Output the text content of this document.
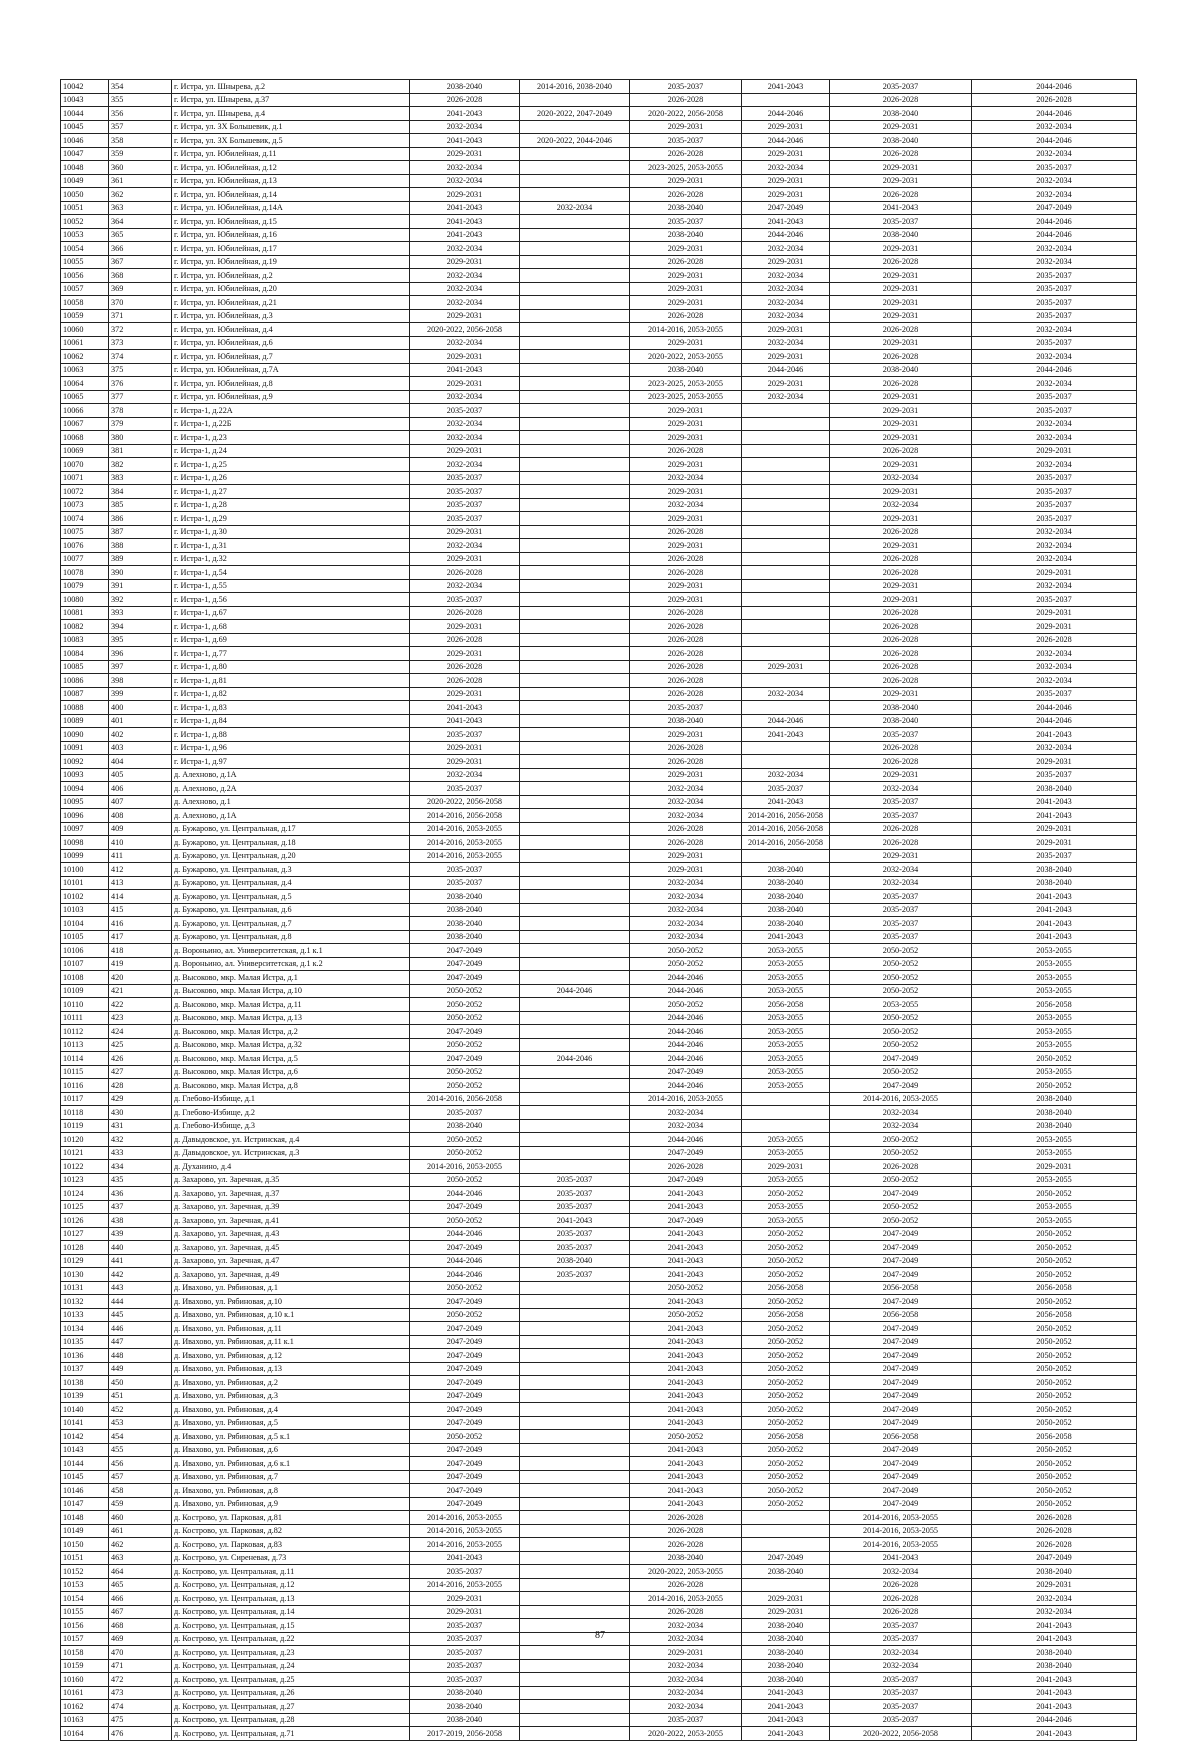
10042	354	г. Истра, ул. Шнырева, д.2	2038-2040	2014-2016, 2038-2040	2035-2037	2041-2043	2035-2037	2044-2046
10043	355	г. Истра, ул. Шнырева, д.37	2026-2028		2026-2028		2026-2028	2026-2028
10044	356	г. Истра, ул. Шнырева, д.4	2041-2043	2020-2022, 2047-2049	2020-2022, 2056-2058	2044-2046	2038-2040	2044-2046
10045	357	г. Истра, ул. ЗХ Большевик, д.1	2032-2034		2029-2031	2029-2031	2029-2031	2032-2034
10046	358	г. Истра, ул. ЗХ Большевик, д.5	2041-2043	2020-2022, 2044-2046	2035-2037	2044-2046	2038-2040	2044-2046
10047	359	г. Истра, ул. Юбилейная, д.11	2029-2031		2026-2028	2029-2031	2026-2028	2032-2034
10048	360	г. Истра, ул. Юбилейная, д.12	2032-2034		2023-2025, 2053-2055	2032-2034	2029-2031	2035-2037
10049	361	г. Истра, ул. Юбилейная, д.13	2032-2034		2029-2031	2029-2031	2029-2031	2032-2034
10050	362	г. Истра, ул. Юбилейная, д.14	2029-2031		2026-2028	2029-2031	2026-2028	2032-2034
10051	363	г. Истра, ул. Юбилейная, д.14А	2041-2043	2032-2034	2038-2040	2047-2049	2041-2043	2047-2049
10052	364	г. Истра, ул. Юбилейная, д.15	2041-2043		2035-2037	2041-2043	2035-2037	2044-2046
10053	365	г. Истра, ул. Юбилейная, д.16	2041-2043		2038-2040	2044-2046	2038-2040	2044-2046
10054	366	г. Истра, ул. Юбилейная, д.17	2032-2034		2029-2031	2032-2034	2029-2031	2032-2034
10055	367	г. Истра, ул. Юбилейная, д.19	2029-2031		2026-2028	2029-2031	2026-2028	2032-2034
10056	368	г. Истра, ул. Юбилейная, д.2	2032-2034		2029-2031	2032-2034	2029-2031	2035-2037
10057	369	г. Истра, ул. Юбилейная, д.20	2032-2034		2029-2031	2032-2034	2029-2031	2035-2037
10058	370	г. Истра, ул. Юбилейная, д.21	2032-2034		2029-2031	2032-2034	2029-2031	2035-2037
10059	371	г. Истра, ул. Юбилейная, д.3	2029-2031		2026-2028	2032-2034	2029-2031	2035-2037
10060	372	г. Истра, ул. Юбилейная, д.4	2020-2022, 2056-2058		2014-2016, 2053-2055	2029-2031	2026-2028	2032-2034
10061	373	г. Истра, ул. Юбилейная, д.6	2032-2034		2029-2031	2032-2034	2029-2031	2035-2037
10062	374	г. Истра, ул. Юбилейная, д.7	2029-2031		2020-2022, 2053-2055	2029-2031	2026-2028	2032-2034
10063	375	г. Истра, ул. Юбилейная, д.7А	2041-2043		2038-2040	2044-2046	2038-2040	2044-2046
10064	376	г. Истра, ул. Юбилейная, д.8	2029-2031		2023-2025, 2053-2055	2029-2031	2026-2028	2032-2034
10065	377	г. Истра, ул. Юбилейная, д.9	2032-2034		2023-2025, 2053-2055	2032-2034	2029-2031	2035-2037
10066	378	г. Истра-1, д.22А	2035-2037		2029-2031		2029-2031	2035-2037
10067	379	г. Истра-1, д.22Б	2032-2034		2029-2031		2029-2031	2032-2034
10068	380	г. Истра-1, д.23	2032-2034		2029-2031		2029-2031	2032-2034
10069	381	г. Истра-1, д.24	2029-2031		2026-2028		2026-2028	2029-2031
10070	382	г. Истра-1, д.25	2032-2034		2029-2031		2029-2031	2032-2034
10071	383	г. Истра-1, д.26	2035-2037		2032-2034		2032-2034	2035-2037
10072	384	г. Истра-1, д.27	2035-2037		2029-2031		2029-2031	2035-2037
10073	385	г. Истра-1, д.28	2035-2037		2032-2034		2032-2034	2035-2037
10074	386	г. Истра-1, д.29	2035-2037		2029-2031		2029-2031	2035-2037
10075	387	г. Истра-1, д.30	2029-2031		2026-2028		2026-2028	2032-2034
10076	388	г. Истра-1, д.31	2032-2034		2029-2031		2029-2031	2032-2034
10077	389	г. Истра-1, д.32	2029-2031		2026-2028		2026-2028	2032-2034
10078	390	г. Истра-1, д.54	2026-2028		2026-2028		2026-2028	2029-2031
10079	391	г. Истра-1, д.55	2032-2034		2029-2031		2029-2031	2032-2034
10080	392	г. Истра-1, д.56	2035-2037		2029-2031		2029-2031	2035-2037
10081	393	г. Истра-1, д.67	2026-2028		2026-2028		2026-2028	2029-2031
10082	394	г. Истра-1, д.68	2029-2031		2026-2028		2026-2028	2029-2031
10083	395	г. Истра-1, д.69	2026-2028		2026-2028		2026-2028	2026-2028
10084	396	г. Истра-1, д.77	2029-2031		2026-2028		2026-2028	2032-2034
10085	397	г. Истра-1, д.80	2026-2028		2026-2028	2029-2031	2026-2028	2032-2034
10086	398	г. Истра-1, д.81	2026-2028		2026-2028		2026-2028	2032-2034
10087	399	г. Истра-1, д.82	2029-2031		2026-2028	2032-2034	2029-2031	2035-2037
10088	400	г. Истра-1, д.83	2041-2043		2035-2037		2038-2040	2044-2046
10089	401	г. Истра-1, д.84	2041-2043		2038-2040	2044-2046	2038-2040	2044-2046
10090	402	г. Истра-1, д.88	2035-2037		2029-2031	2041-2043	2035-2037	2041-2043
10091	403	г. Истра-1, д.96	2029-2031		2026-2028		2026-2028	2032-2034
10092	404	г. Истра-1, д.97	2029-2031		2026-2028		2026-2028	2029-2031
10093	405	д. Алехново, д.1А	2032-2034		2029-2031	2032-2034	2029-2031	2035-2037
10094	406	д. Алехново, д.2А	2035-2037		2032-2034	2035-2037	2032-2034	2038-2040
10095	407	д. Алехново, д.1	2020-2022, 2056-2058		2032-2034	2041-2043	2035-2037	2041-2043
10096	408	д. Алехново, д.1А	2014-2016, 2056-2058		2032-2034	2014-2016, 2056-2058	2035-2037	2041-2043
10097	409	д. Бужарово, ул. Центральная, д.17	2014-2016, 2053-2055		2026-2028	2014-2016, 2056-2058	2026-2028	2029-2031
10098	410	д. Бужарово, ул. Центральная, д.18	2014-2016, 2053-2055		2026-2028	2014-2016, 2056-2058	2026-2028	2029-2031
10099	411	д. Бужарово, ул. Центральная, д.20	2014-2016, 2053-2055		2029-2031		2029-2031	2035-2037
10100	412	д. Бужарово, ул. Центральная, д.3	2035-2037		2029-2031	2038-2040	2032-2034	2038-2040
10101	413	д. Бужарово, ул. Центральная, д.4	2035-2037		2032-2034	2038-2040	2032-2034	2038-2040
10102	414	д. Бужарово, ул. Центральная, д.5	2038-2040		2032-2034	2038-2040	2035-2037	2041-2043
10103	415	д. Бужарово, ул. Центральная, д.6	2038-2040		2032-2034	2038-2040	2035-2037	2041-2043
10104	416	д. Бужарово, ул. Центральная, д.7	2038-2040		2032-2034	2038-2040	2035-2037	2041-2043
10105	417	д. Бужарово, ул. Центральная, д.8	2038-2040		2032-2034	2041-2043	2035-2037	2041-2043
10106	418	д. Вороньино, ал. Университетская, д.1 к.1	2047-2049		2050-2052	2053-2055	2050-2052	2053-2055
10107	419	д. Вороньино, ал. Университетская, д.1 к.2	2047-2049		2050-2052	2053-2055	2050-2052	2053-2055
10108	420	д. Высоково, мкр. Малая Истра, д.1	2047-2049		2044-2046	2053-2055	2050-2052	2053-2055
10109	421	д. Высоково, мкр. Малая Истра, д.10	2050-2052	2044-2046	2044-2046	2053-2055	2050-2052	2053-2055
10110	422	д. Высоково, мкр. Малая Истра, д.11	2050-2052		2050-2052	2056-2058	2053-2055	2056-2058
10111	423	д. Высоково, мкр. Малая Истра, д.13	2050-2052		2044-2046	2053-2055	2050-2052	2053-2055
10112	424	д. Высоково, мкр. Малая Истра, д.2	2047-2049		2044-2046	2053-2055	2050-2052	2053-2055
10113	425	д. Высоково, мкр. Малая Истра, д.32	2050-2052		2044-2046	2053-2055	2050-2052	2053-2055
10114	426	д. Высоково, мкр. Малая Истра, д.5	2047-2049	2044-2046	2044-2046	2053-2055	2047-2049	2050-2052
10115	427	д. Высоково, мкр. Малая Истра, д.6	2050-2052		2047-2049	2053-2055	2050-2052	2053-2055
10116	428	д. Высоково, мкр. Малая Истра, д.8	2050-2052		2044-2046	2053-2055	2047-2049	2050-2052
10117	429	д. Глебово-Избище, д.1	2014-2016, 2056-2058		2014-2016, 2053-2055		2014-2016, 2053-2055	2038-2040
10118	430	д. Глебово-Избище, д.2	2035-2037		2032-2034		2032-2034	2038-2040
10119	431	д. Глебово-Избище, д.3	2038-2040		2032-2034		2032-2034	2038-2040
10120	432	д. Давыдовское, ул. Истринская, д.4	2050-2052		2044-2046	2053-2055	2050-2052	2053-2055
10121	433	д. Давыдовское, ул. Истринская, д.3	2050-2052		2047-2049	2053-2055	2050-2052	2053-2055
10122	434	д. Духанино, д.4	2014-2016, 2053-2055		2026-2028	2029-2031	2026-2028	2029-2031
10123	435	д. Захарово, ул. Заречная, д.35	2050-2052	2035-2037	2047-2049	2053-2055	2050-2052	2053-2055
10124	436	д. Захарово, ул. Заречная, д.37	2044-2046	2035-2037	2041-2043	2050-2052	2047-2049	2050-2052
10125	437	д. Захарово, ул. Заречная, д.39	2047-2049	2035-2037	2041-2043	2053-2055	2050-2052	2053-2055
10126	438	д. Захарово, ул. Заречная, д.41	2050-2052	2041-2043	2047-2049	2053-2055	2050-2052	2053-2055
10127	439	д. Захарово, ул. Заречная, д.43	2044-2046	2035-2037	2041-2043	2050-2052	2047-2049	2050-2052
10128	440	д. Захарово, ул. Заречная, д.45	2047-2049	2035-2037	2041-2043	2050-2052	2047-2049	2050-2052
10129	441	д. Захарово, ул. Заречная, д.47	2044-2046	2038-2040	2041-2043	2050-2052	2047-2049	2050-2052
10130	442	д. Захарово, ул. Заречная, д.49	2044-2046	2035-2037	2041-2043	2050-2052	2047-2049	2050-2052
10131	443	д. Ивахово, ул. Рябиновая, д.1	2050-2052		2050-2052	2056-2058	2056-2058	2056-2058
10132	444	д. Ивахово, ул. Рябиновая, д.10	2047-2049		2041-2043	2050-2052	2047-2049	2050-2052
10133	445	д. Ивахово, ул. Рябиновая, д.10 к.1	2050-2052		2050-2052	2056-2058	2056-2058	2056-2058
10134	446	д. Ивахово, ул. Рябиновая, д.11	2047-2049		2041-2043	2050-2052	2047-2049	2050-2052
10135	447	д. Ивахово, ул. Рябиновая, д.11 к.1	2047-2049		2041-2043	2050-2052	2047-2049	2050-2052
10136	448	д. Ивахово, ул. Рябиновая, д.12	2047-2049		2041-2043	2050-2052	2047-2049	2050-2052
10137	449	д. Ивахово, ул. Рябиновая, д.13	2047-2049		2041-2043	2050-2052	2047-2049	2050-2052
10138	450	д. Ивахово, ул. Рябиновая, д.2	2047-2049		2041-2043	2050-2052	2047-2049	2050-2052
10139	451	д. Ивахово, ул. Рябиновая, д.3	2047-2049		2041-2043	2050-2052	2047-2049	2050-2052
10140	452	д. Ивахово, ул. Рябиновая, д.4	2047-2049		2041-2043	2050-2052	2047-2049	2050-2052
10141	453	д. Ивахово, ул. Рябиновая, д.5	2047-2049		2041-2043	2050-2052	2047-2049	2050-2052
10142	454	д. Ивахово, ул. Рябиновая, д.5 к.1	2050-2052		2050-2052	2056-2058	2056-2058	2056-2058
10143	455	д. Ивахово, ул. Рябиновая, д.6	2047-2049		2041-2043	2050-2052	2047-2049	2050-2052
10144	456	д. Ивахово, ул. Рябиновая, д.6 к.1	2047-2049		2041-2043	2050-2052	2047-2049	2050-2052
10145	457	д. Ивахово, ул. Рябиновая, д.7	2047-2049		2041-2043	2050-2052	2047-2049	2050-2052
10146	458	д. Ивахово, ул. Рябиновая, д.8	2047-2049		2041-2043	2050-2052	2047-2049	2050-2052
10147	459	д. Ивахово, ул. Рябиновая, д.9	2047-2049		2041-2043	2050-2052	2047-2049	2050-2052
10148	460	д. Кострово, ул. Парковая, д.81	2014-2016, 2053-2055		2026-2028		2014-2016, 2053-2055	2026-2028
10149	461	д. Кострово, ул. Парковая, д.82	2014-2016, 2053-2055		2026-2028		2014-2016, 2053-2055	2026-2028
10150	462	д. Кострово, ул. Парковая, д.83	2014-2016, 2053-2055		2026-2028		2014-2016, 2053-2055	2026-2028
10151	463	д. Кострово, ул. Сиреневая, д.73	2041-2043		2038-2040	2047-2049	2041-2043	2047-2049
10152	464	д. Кострово, ул. Центральная, д.11	2035-2037		2020-2022, 2053-2055	2038-2040	2032-2034	2038-2040
10153	465	д. Кострово, ул. Центральная, д.12	2014-2016, 2053-2055		2026-2028		2026-2028	2029-2031
10154	466	д. Кострово, ул. Центральная, д.13	2029-2031		2014-2016, 2053-2055	2029-2031	2026-2028	2032-2034
10155	467	д. Кострово, ул. Центральная, д.14	2029-2031		2026-2028	2029-2031	2026-2028	2032-2034
10156	468	д. Кострово, ул. Центральная, д.15	2035-2037		2032-2034	2038-2040	2035-2037	2041-2043
10157	469	д. Кострово, ул. Центральная, д.22	2035-2037		2032-2034	2038-2040	2035-2037	2041-2043
10158	470	д. Кострово, ул. Центральная, д.23	2035-2037		2029-2031	2038-2040	2032-2034	2038-2040
10159	471	д. Кострово, ул. Центральная, д.24	2035-2037		2032-2034	2038-2040	2032-2034	2038-2040
10160	472	д. Кострово, ул. Центральная, д.25	2035-2037		2032-2034	2038-2040	2035-2037	2041-2043
10161	473	д. Кострово, ул. Центральная, д.26	2038-2040		2032-2034	2041-2043	2035-2037	2041-2043
10162	474	д. Кострово, ул. Центральная, д.27	2038-2040		2032-2034	2041-2043	2035-2037	2041-2043
10163	475	д. Кострово, ул. Центральная, д.28	2038-2040		2035-2037	2041-2043	2035-2037	2044-2046
10164	476	д. Кострово, ул. Центральная, д.71	2017-2019, 2056-2058		2020-2022, 2053-2055	2041-2043	2020-2022, 2056-2058	2041-2043
87
